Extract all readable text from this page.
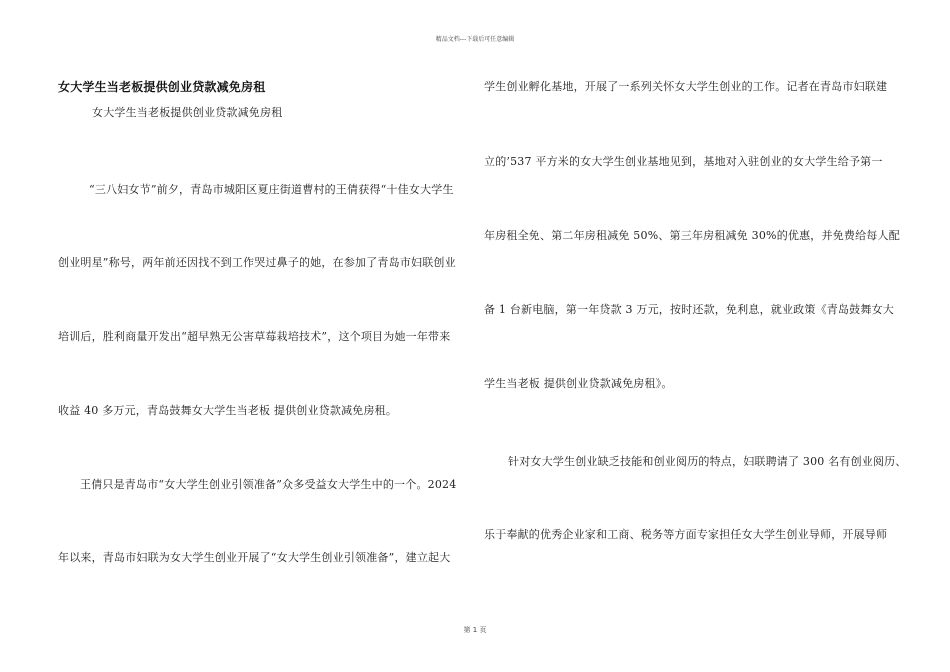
精品文档---下载后可任意编辑
女大学生当老板提供创业贷款减免房租
女大学生当老板提供创业贷款减免房租
“三八妇女节”前夕，青岛市城阳区夏庄街道曹村的王倩获得“十佳女大学生
创业明星”称号，两年前还因找不到工作哭过鼻子的她，在参加了青岛市妇联创业
培训后，胜利商量开发出“超早熟无公害草莓栽培技术”，这个项目为她一年带来
收益 40 多万元，青岛鼓舞女大学生当老板 提供创业贷款减免房租。
王倩只是青岛市“女大学生创业引领准备”众多受益女大学生中的一个。2024
年以来，青岛市妇联为女大学生创业开展了“女大学生创业引领准备”，建立起大
学生创业孵化基地，开展了一系列关怀女大学生创业的工作。记者在青岛市妇联建
立的’537 平方米的女大学生创业基地见到，基地对入驻创业的女大学生给予第一
年房租全免、第二年房租减免 50%、第三年房租减免 30%的优惠，并免费给每人配
备 1 台新电脑，第一年贷款 3 万元，按时还款，免利息，就业政策《青岛鼓舞女大
学生当老板 提供创业贷款减免房租》。
针对女大学生创业缺乏技能和创业阅历的特点，妇联聘请了 300 名有创业阅历、
乐于奉献的优秀企业家和工商、税务等方面专家担任女大学生创业导师，开展导师
第 1 页
